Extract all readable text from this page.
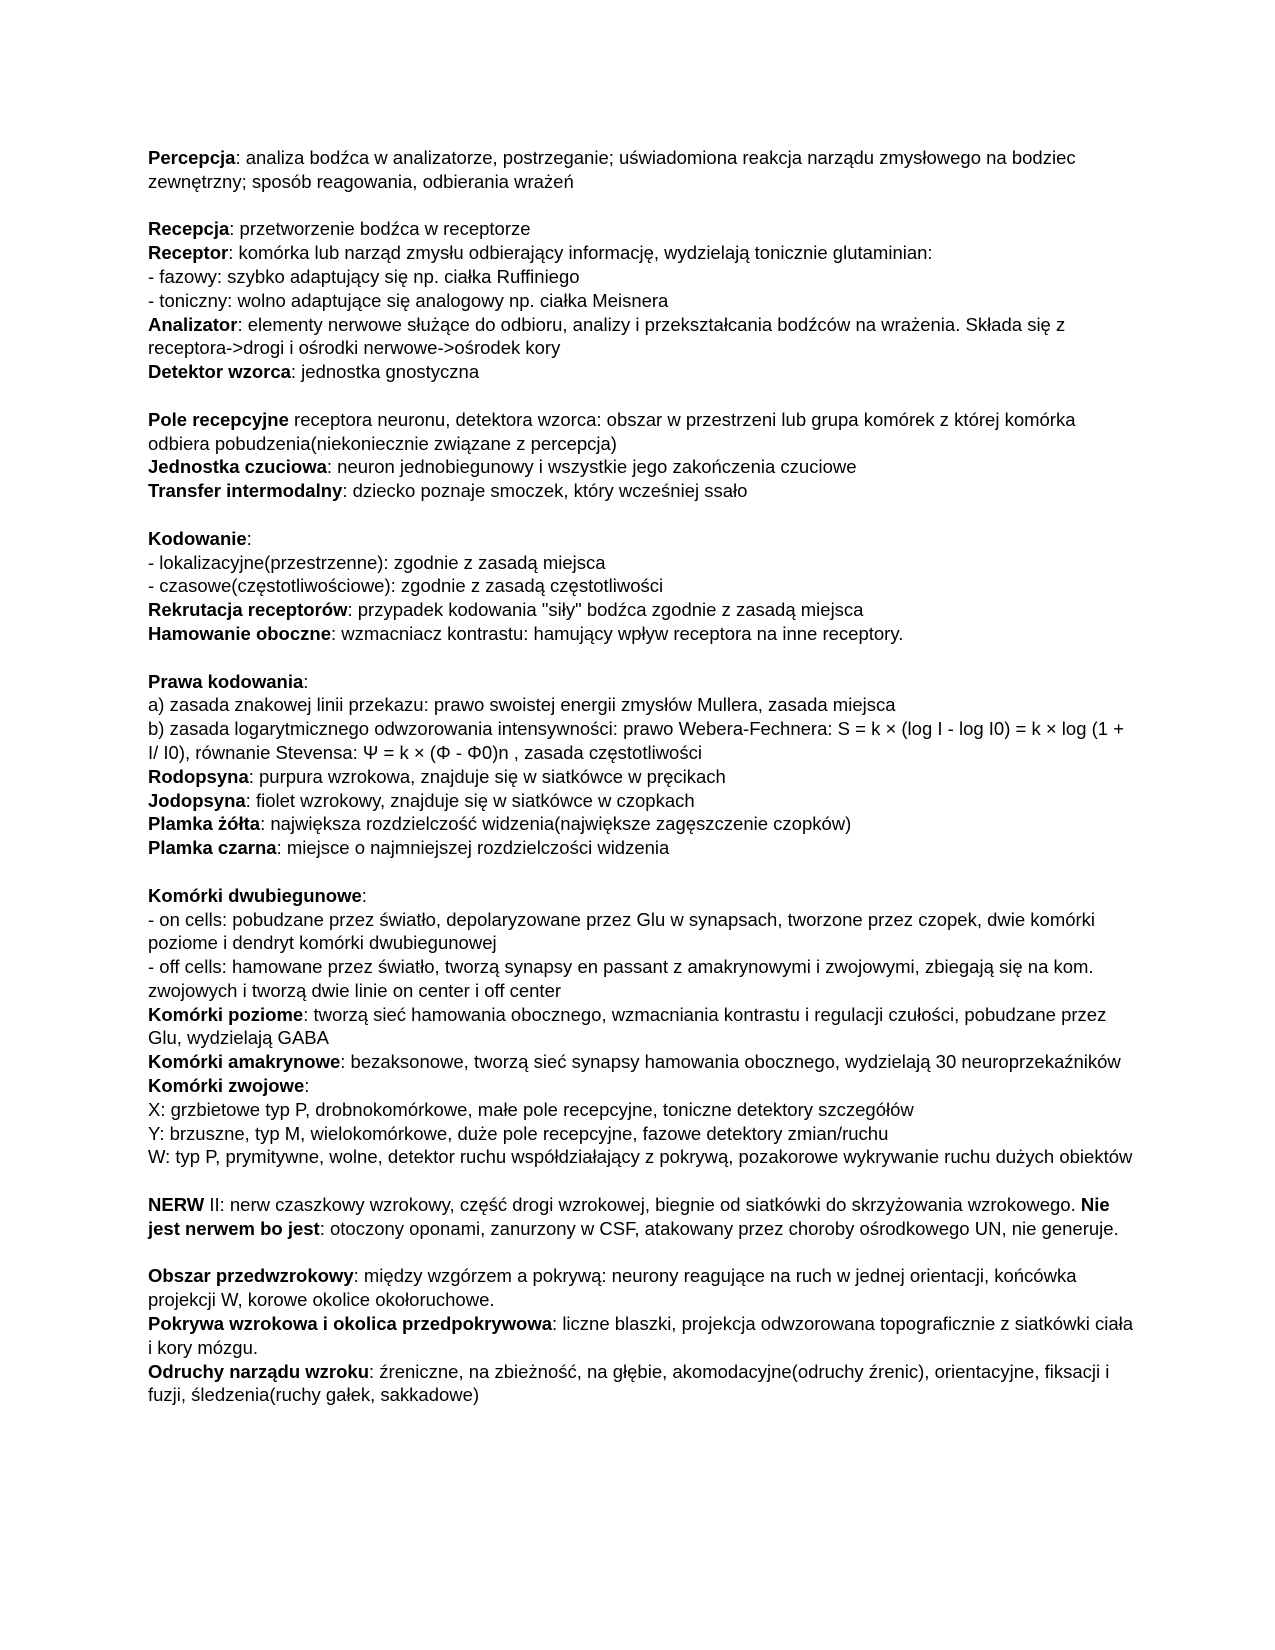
Percepcja: analiza bodźca w analizatorze, postrzeganie; uświadomiona reakcja narządu zmysłowego na bodziec zewnętrzny; sposób reagowania, odbierania wrażeń

Recepcja: przetworzenie bodźca w receptorze

Receptor: komórka lub narząd zmysłu odbierający informację, wydzielają tonicznie glutaminian:

- fazowy: szybko adaptujący się np. ciałka Ruffiniego

- toniczny: wolno adaptujące się analogowy np. ciałka Meisnera

Analizator: elementy nerwowe służące do odbioru, analizy i przekształcania bodźców na wrażenia. Składa się z receptora->drogi i ośrodki nerwowe->ośrodek kory

Detektor wzorca: jednostka gnostyczna

Pole recepcyjne receptora neuronu, detektora wzorca: obszar w przestrzeni lub grupa komórek z której komórka odbiera pobudzenia(niekoniecznie związane z percepcja)

Jednostka czuciowa: neuron jednobiegunowy i wszystkie jego zakończenia czuciowe

Transfer intermodalny: dziecko poznaje smoczek, który wcześniej ssało

Kodowanie:

- lokalizacyjne(przestrzenne): zgodnie z zasadą miejsca

- czasowe(częstotliwościowe): zgodnie z zasadą częstotliwości

Rekrutacja receptorów: przypadek kodowania "siły" bodźca zgodnie z zasadą miejsca

Hamowanie oboczne: wzmacniacz kontrastu: hamujący wpływ receptora na inne receptory.

Prawa kodowania:

a) zasada znakowej linii przekazu: prawo swoistej energii zmysłów Mullera, zasada miejsca

b) zasada logarytmicznego odwzorowania intensywności: prawo Webera-Fechnera: S = k × (log I - log I0) = k × log (1 + I/ I0), równanie Stevensa: Ψ = k × (Φ - Φ0)n , zasada częstotliwości

Rodopsyna: purpura wzrokowa, znajduje się w siatkówce w pręcikach

Jodopsyna: fiolet wzrokowy, znajduje się w siatkówce w czopkach

Plamka żółta: największa rozdzielczość widzenia(największe zagęszczenie czopków)

Plamka czarna: miejsce o najmniejszej rozdzielczości widzenia

Komórki dwubiegunowe:

- on cells: pobudzane przez światło, depolaryzowane przez Glu w synapsach, tworzone przez czopek, dwie komórki poziome i dendryt komórki dwubiegunowej

- off cells: hamowane przez światło, tworzą synapsy en passant z amakrynowymi i zwojowymi, zbiegają się na kom. zwojowych i tworzą dwie linie on center i off center

Komórki poziome: tworzą sieć hamowania obocznego, wzmacniania kontrastu i regulacji czułości, pobudzane przez Glu, wydzielają GABA

Komórki amakrynowe: bezaksonowe, tworzą sieć synapsy hamowania obocznego, wydzielają 30 neuroprzekaźników

Komórki zwojowe:

X: grzbietowe typ P, drobnokomórkowe, małe pole recepcyjne, toniczne detektory szczegółów

Y: brzuszne, typ M, wielokomórkowe, duże pole recepcyjne, fazowe detektory zmian/ruchu

W: typ P, prymitywne, wolne, detektor ruchu współdziałający z pokrywą, pozakorowe wykrywanie ruchu dużych obiektów

NERW II: nerw czaszkowy wzrokowy, część drogi wzrokowej, biegnie od siatkówki do skrzyżowania wzrokowego. Nie jest nerwem bo jest: otoczony oponami, zanurzony w CSF, atakowany przez choroby ośrodkowego UN, nie generuje.

Obszar przedwzrokowy: między wzgórzem a pokrywą: neurony reagujące na ruch w jednej orientacji, końcówka projekcji W, korowe okolice okołoruchowe.

Pokrywa wzrokowa i okolica przedpokrywowa: liczne blaszki, projekcja odwzorowana topograficznie z siatkówki ciała i kory mózgu.

Odruchy narządu wzroku: źreniczne, na zbieżność, na głębie, akomodacyjne(odruchy źrenic), orientacyjne, fiksacji i fuzji, śledzenia(ruchy gałek, sakkadowe)
